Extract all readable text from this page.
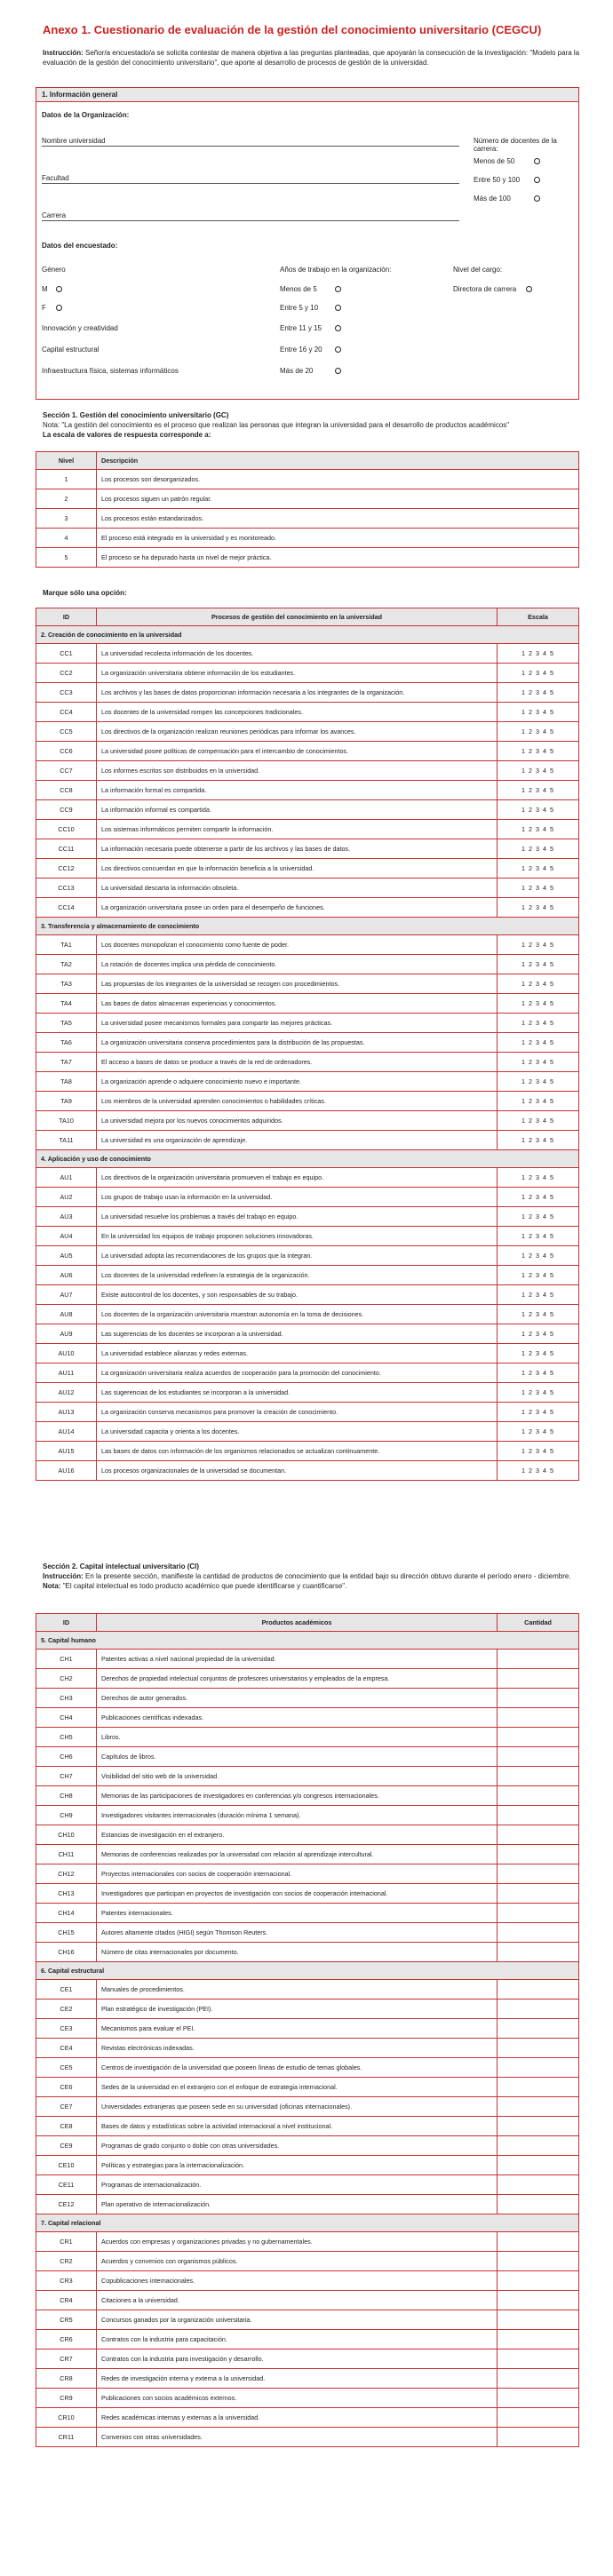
Anexo 1. Cuestionario de evaluación de la gestión del conocimiento universitario (CEGCU)
Instrucción: Señor/a encuestado/a se solicita contestar de manera objetiva a las preguntas planteadas, que apoyarán la consecución de la investigación: "Modelo para la evaluación de la gestión del conocimiento universitario", que aporte al desarrollo de procesos de gestión de la universidad.
1. Información general
Datos de la Organización:
Nombre universidad
Facultad
Carrera
Número de docentes de la carrera:
Menos de 50
Entre 50 y 100
Más de 100
Datos del encuestado:
Género
M
F
Innovación y creatividad
Capital estructural
Infraestructura física, sistemas informáticos
Años de trabajo en la organización:
Menos de 5
Entre 5 y 10
Entre 11 y 15
Entre 16 y 20
Más de 20
Nivel del cargo:
Directora de carrera
Sección 1. Gestión del conocimiento universitario (GC)
Nota: "La gestión del conocimiento es el proceso que realizan las personas que integran la universidad para el desarrollo de productos académicos"
La escala de valores de respuesta corresponde a:
Nivel	Descripción
1	Los procesos son desorganizados.
2	Los procesos siguen un patrón regular.
3	Los procesos están estandarizados.
4	El proceso está integrado en la universidad y es monitoreado.
5	El proceso se ha depurado hasta un nivel de mejor práctica.
Marque sólo una opción:
ID	Procesos de gestión del conocimiento en la universidad	Escala
2. Creación de conocimiento en la universidad		
CC1	La universidad recolecta información de los docentes.	1 2 3 4 5
CC2	La organización universitaria obtiene información de los estudiantes.	1 2 3 4 5
CC3	Los archivos y las bases de datos proporcionan información necesaria a los integrantes de la organización.	1 2 3 4 5
CC4	Los docentes de la universidad rompen las concepciones tradicionales.	1 2 3 4 5
CC5	Los directivos de la organización realizan reuniones periódicas para informar los avances.	1 2 3 4 5
CC6	La universidad posee políticas de compensación para el intercambio de conocimientos.	1 2 3 4 5
CC7	Los informes escritos son distribuidos en la universidad.	1 2 3 4 5
CC8	La información formal es compartida.	1 2 3 4 5
CC9	La información informal es compartida.	1 2 3 4 5
CC10	Los sistemas informáticos permiten compartir la información.	1 2 3 4 5
CC11	La información necesaria puede obtenerse a partir de los archivos y las bases de datos.	1 2 3 4 5
CC12	Los directivos concuerdan en que la información beneficia a la universidad.	1 2 3 4 5
CC13	La universidad descarta la información obsoleta.	1 2 3 4 5
CC14	La organización universitaria posee un orden para el desempeño de funciones.	1 2 3 4 5
3. Transferencia y almacenamiento de conocimiento		
TA1	Los docentes monopolizan el conocimiento como fuente de poder.	1 2 3 4 5
TA2	La rotación de docentes implica una pérdida de conocimiento.	1 2 3 4 5
TA3	Las propuestas de los integrantes de la universidad se recogen con procedimientos.	1 2 3 4 5
TA4	Las bases de datos almacenan experiencias y conocimientos.	1 2 3 4 5
TA5	La universidad posee mecanismos formales para compartir las mejores prácticas.	1 2 3 4 5
TA6	La organización universitaria conserva procedimientos para la distribución de las propuestas.	1 2 3 4 5
TA7	El acceso a bases de datos se produce a través de la red de ordenadores.	1 2 3 4 5
TA8	La organización aprende o adquiere conocimiento nuevo e importante.	1 2 3 4 5
TA9	Los miembros de la universidad aprenden conocimientos o habilidades críticas.	1 2 3 4 5
TA10	La universidad mejora por los nuevos conocimientos adquiridos.	1 2 3 4 5
TA11	La universidad es una organización de aprendizaje.	1 2 3 4 5
4. Aplicación y uso de conocimiento		
AU1	Los directivos de la organización universitaria promueven el trabajo en equipo.	1 2 3 4 5
AU2	Los grupos de trabajo usan la información en la universidad.	1 2 3 4 5
AU3	La universidad resuelve los problemas a través del trabajo en equipo.	1 2 3 4 5
AU4	En la universidad los equipos de trabajo proponen soluciones innovadoras.	1 2 3 4 5
AU5	La universidad adopta las recomendaciones de los grupos que la integran.	1 2 3 4 5
AU6	Los docentes de la universidad redefinen la estrategia de la organización.	1 2 3 4 5
AU7	Existe autocontrol de los docentes, y son responsables de su trabajo.	1 2 3 4 5
AU8	Los docentes de la organización universitaria muestran autonomía en la toma de decisiones.	1 2 3 4 5
AU9	Las sugerencias de los docentes se incorporan a la universidad.	1 2 3 4 5
AU10	La universidad establece alianzas y redes externas.	1 2 3 4 5
AU11	La organización universitaria realiza acuerdos de cooperación para la promoción del conocimiento.	1 2 3 4 5
AU12	Las sugerencias de los estudiantes se incorporan a la universidad.	1 2 3 4 5
AU13	La organización conserva mecanismos para promover la creación de conocimiento.	1 2 3 4 5
AU14	La universidad capacita y orienta a los docentes.	1 2 3 4 5
AU15	Las bases de datos con información de los organismos relacionados se actualizan continuamente.	1 2 3 4 5
AU16	Los procesos organizacionales de la universidad se documentan.	1 2 3 4 5
Sección 2. Capital intelectual universitario (CI)
Instrucción: En la presente sección, manifieste la cantidad de productos de conocimiento que la entidad bajo su dirección obtuvo durante el período enero - diciembre.
Nota: "El capital intelectual es todo producto académico que puede identificarse y cuantificarse".
ID	Productos académicos	Cantidad
5. Capital humano		
CH1	Patentes activas a nivel nacional propiedad de la universidad.	
CH2	Derechos de propiedad intelectual conjuntos de profesores universitarios y empleados de la empresa.	
CH3	Derechos de autor generados.	
CH4	Publicaciones científicas indexadas.	
CH5	Libros.	
CH6	Capítulos de libros.	
CH7	Visibilidad del sitio web de la universidad.	
CH8	Memorias de las participaciones de investigadores en conferencias y/o congresos internacionales.	
CH9	Investigadores visitantes internacionales (duración mínima 1 semana).	
CH10	Estancias de investigación en el extranjero.	
CH11	Memorias de conferencias realizadas por la universidad con relación al aprendizaje intercultural.	
CH12	Proyectos internacionales con socios de cooperación internacional.	
CH13	Investigadores que participan en proyectos de investigación con socios de cooperación internacional.	
CH14	Patentes internacionales.	
CH15	Autores altamente citados (HIGI) según Thomson Reuters.	
CH16	Número de citas internacionales por documento.	
6. Capital estructural		
CE1	Manuales de procedimientos.	
CE2	Plan estratégico de investigación (PEI).	
CE3	Mecanismos para evaluar el PEI.	
CE4	Revistas electrónicas indexadas.	
CE5	Centros de investigación de la universidad que poseen líneas de estudio de temas globales.	
CE6	Sedes de la universidad en el extranjero con el enfoque de estrategia internacional.	
CE7	Universidades extranjeras que poseen sede en su universidad (oficinas internacionales).	
CE8	Bases de datos y estadísticas sobre la actividad internacional a nivel institucional.	
CE9	Programas de grado conjunto o doble con otras universidades.	
CE10	Políticas y estrategias para la internacionalización.	
CE11	Programas de internacionalización.	
CE12	Plan operativo de internacionalización.	
7. Capital relacional		
CR1	Acuerdos con empresas y organizaciones privadas y no gubernamentales.	
CR2	Acuerdos y convenios con organismos públicos.	
CR3	Copublicaciones internacionales.	
CR4	Citaciones a la universidad.	
CR5	Concursos ganados por la organización universitaria.	
CR6	Contratos con la industria para capacitación.	
CR7	Contratos con la industria para investigación y desarrollo.	
CR8	Redes de investigación interna y externa a la universidad.	
CR9	Publicaciones con socios académicos externos.	
CR10	Redes académicas internas y externas a la universidad.	
CR11	Convenios con otras universidades.	
